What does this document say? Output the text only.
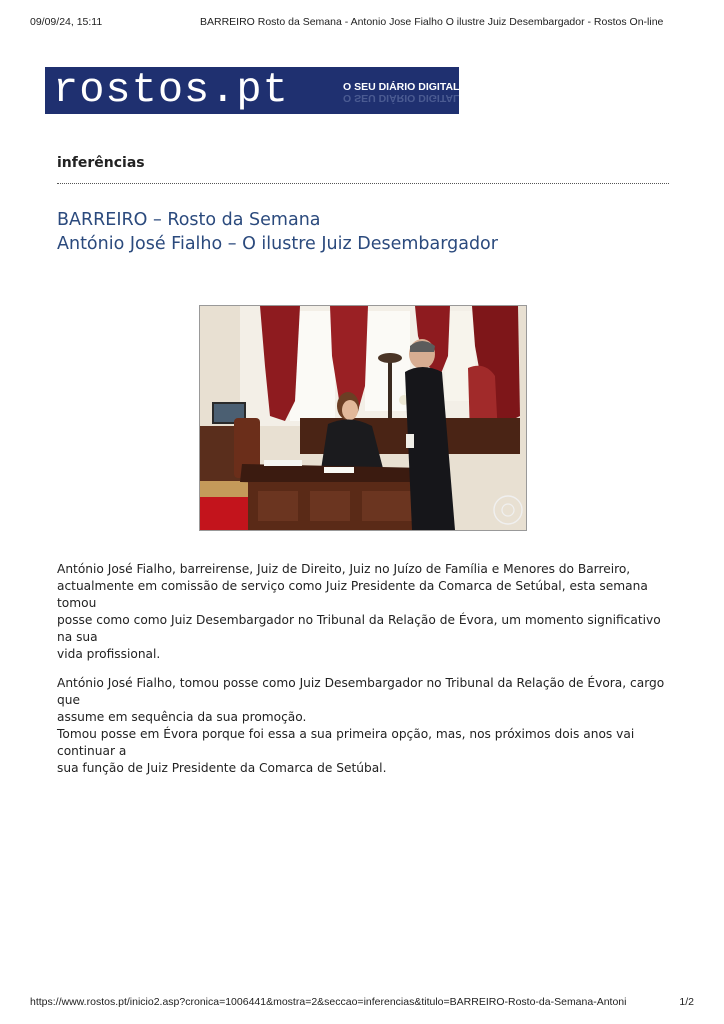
09/09/24, 15:11	BARREIRO Rosto da Semana - Antonio Jose Fialho O ilustre Juiz Desembargador - Rostos On-line
rostos.pt	O SEU DIÁRIO DIGITAL
O SEU DIÁRIO DIGITAL
inferências
BARREIRO – Rosto da Semana
António José Fialho – O ilustre Juiz Desembargador

António José Fialho, barreirense, Juiz de Direito, Juiz no Juízo de Família e Menores do Barreiro,
actualmente em comissão de serviço como Juiz Presidente da Comarca de Setúbal, esta semana tomou
posse como como Juiz Desembargador no Tribunal da Relação de Évora, um momento significativo na sua
vida profissional.

António José Fialho, tomou posse como Juiz Desembargador no Tribunal da Relação de Évora, cargo que
assume em sequência da sua promoção.
Tomou posse em Évora porque foi essa a sua primeira opção, mas, nos próximos dois anos vai continuar a
sua função de Juiz Presidente da Comarca de Setúbal.

https://www.rostos.pt/inicio2.asp?cronica=1006441&mostra=2&seccao=inferencias&titulo=BARREIRO-Rosto-da-Semana-Antoni	1/2
